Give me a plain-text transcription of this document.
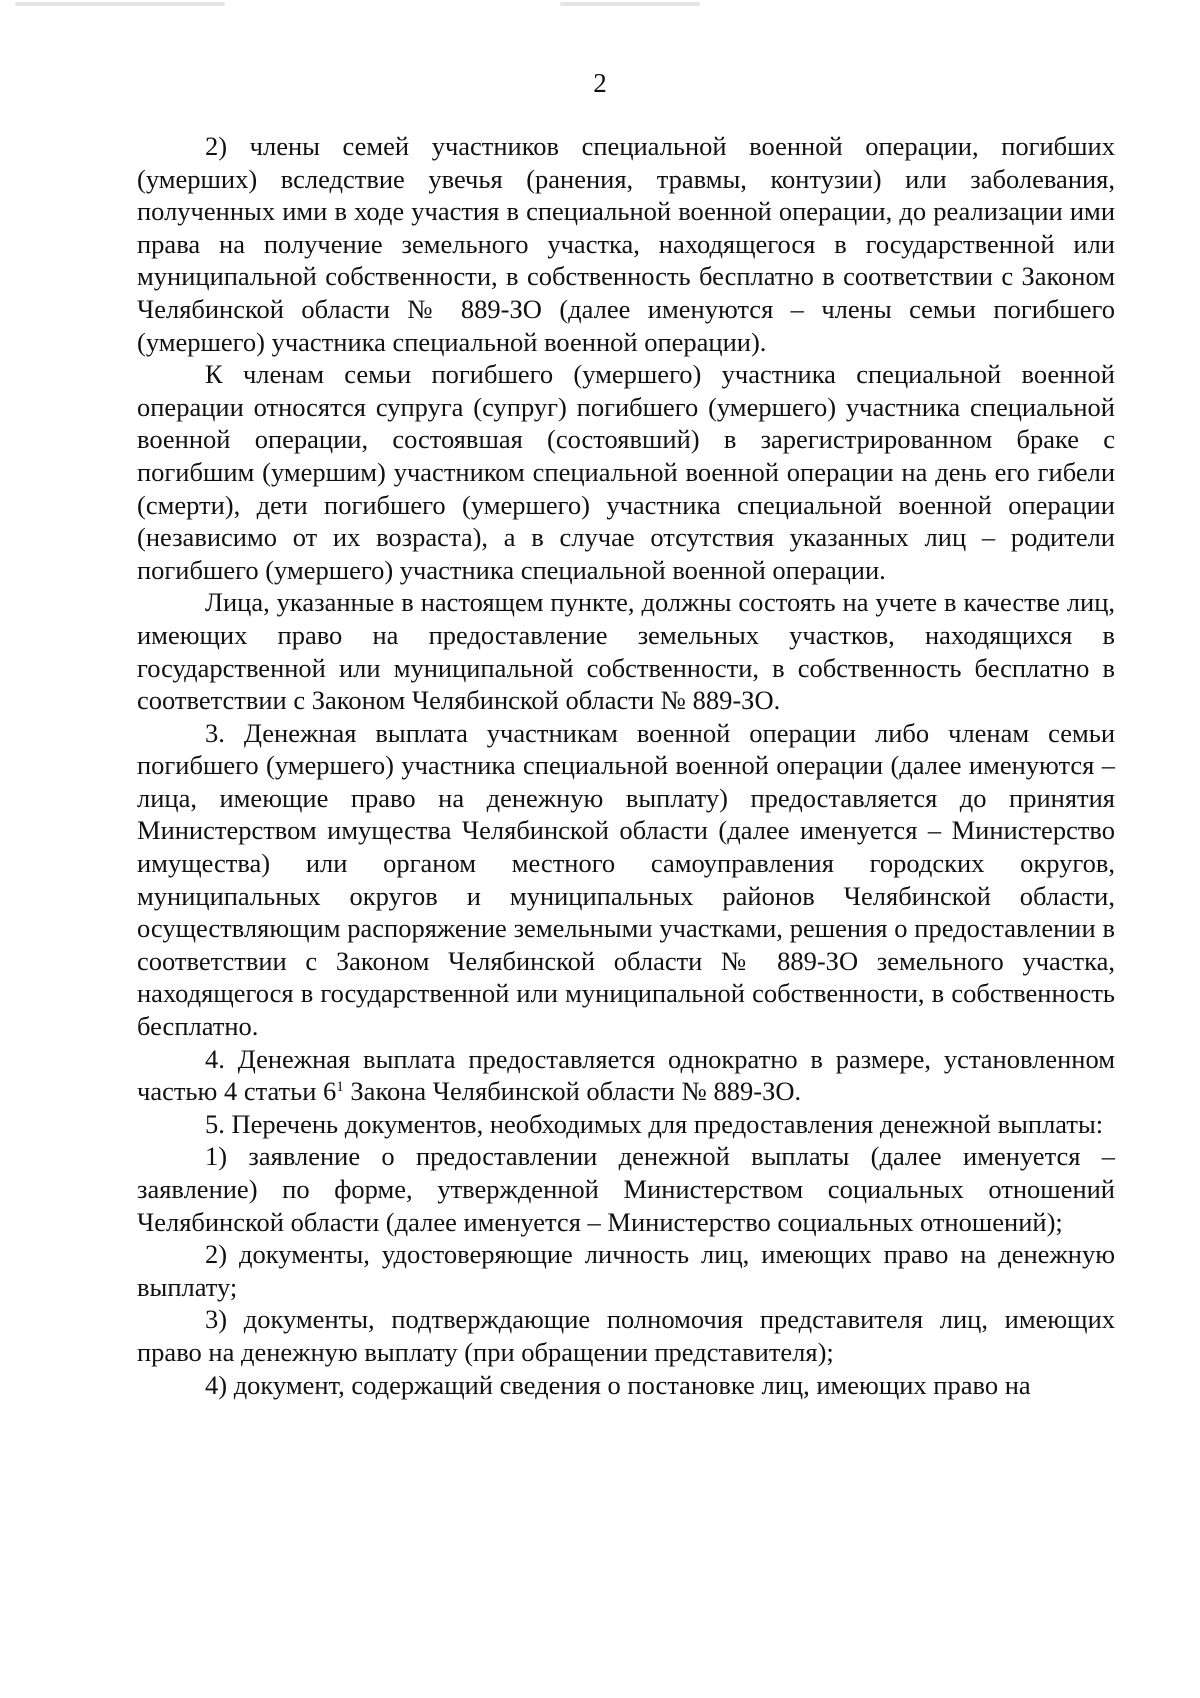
2

2) члены семей участников специальной военной операции, погибших (умерших) вследствие увечья (ранения, травмы, контузии) или заболевания, полученных ими в ходе участия в специальной военной операции, до реализации ими права на получение земельного участка, находящегося в государственной или муниципальной собственности, в собственность бесплатно в соответствии с Законом Челябинской области № 889-ЗО (далее именуются – члены семьи погибшего (умершего) участника специальной военной операции).

К членам семьи погибшего (умершего) участника специальной военной операции относятся супруга (супруг) погибшего (умершего) участника специальной военной операции, состоявшая (состоявший) в зарегистрированном браке с погибшим (умершим) участником специальной военной операции на день его гибели (смерти), дети погибшего (умершего) участника специальной военной операции (независимо от их возраста), а в случае отсутствия указанных лиц – родители погибшего (умершего) участника специальной военной операции.

Лица, указанные в настоящем пункте, должны состоять на учете в качестве лиц, имеющих право на предоставление земельных участков, находящихся в государственной или муниципальной собственности, в собственность бесплатно в соответствии с Законом Челябинской области № 889-ЗО.

3. Денежная выплата участникам военной операции либо членам семьи погибшего (умершего) участника специальной военной операции (далее именуются – лица, имеющие право на денежную выплату) предоставляется до принятия Министерством имущества Челябинской области (далее именуется – Министерство имущества) или органом местного самоуправления городских округов, муниципальных округов и муниципальных районов Челябинской области, осуществляющим распоряжение земельными участками, решения о предоставлении в соответствии с Законом Челябинской области № 889-ЗО земельного участка, находящегося в государственной или муниципальной собственности, в собственность бесплатно.

4. Денежная выплата предоставляется однократно в размере, установленном частью 4 статьи $6^1$ Закона Челябинской области № 889-ЗО.

5. Перечень документов, необходимых для предоставления денежной выплаты:

1) заявление о предоставлении денежной выплаты (далее именуется – заявление) по форме, утвержденной Министерством социальных отношений Челябинской области (далее именуется – Министерство социальных отношений);

2) документы, удостоверяющие личность лиц, имеющих право на денежную выплату;

3) документы, подтверждающие полномочия представителя лиц, имеющих право на денежную выплату (при обращении представителя);

4) документ, содержащий сведения о постановке лиц, имеющих право на
